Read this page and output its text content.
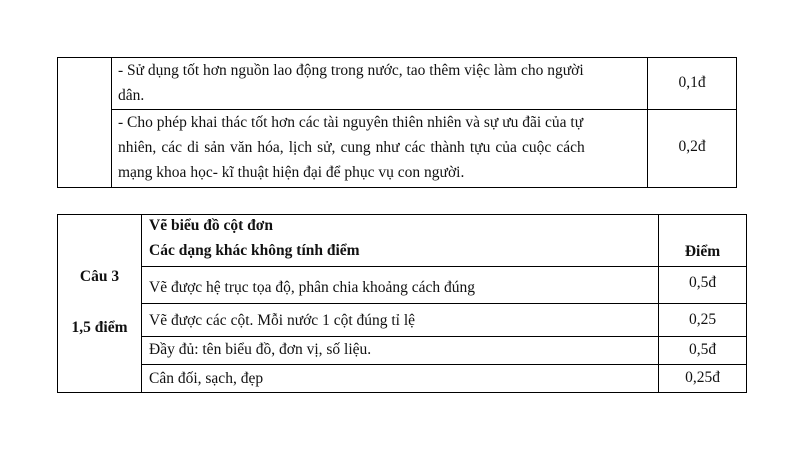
- Sử dụng tốt hơn nguồn lao động trong nước, tao thêm việc làm cho người
dân.
0,1đ
- Cho phép khai thác tốt hơn các tài nguyên thiên nhiên và sự ưu đãi của tự
nhiên, các di sản văn hóa, lịch sử, cung như các thành tựu của cuộc cách
mạng khoa học- kĩ thuật hiện đại để phục vụ con người.
0,2đ
Câu 3
1,5 điểm
Vẽ biểu đồ cột đơn
Các dạng khác không tính điểm	Điểm
Vẽ được hệ trục tọa độ, phân chia khoảng cách đúng	0,5đ
Vẽ được các cột. Mỗi nước 1 cột đúng tỉ lệ	0,25
Đầy đủ: tên biểu đồ, đơn vị, số liệu.	0,5đ
Cân đối, sạch, đẹp	0,25đ
